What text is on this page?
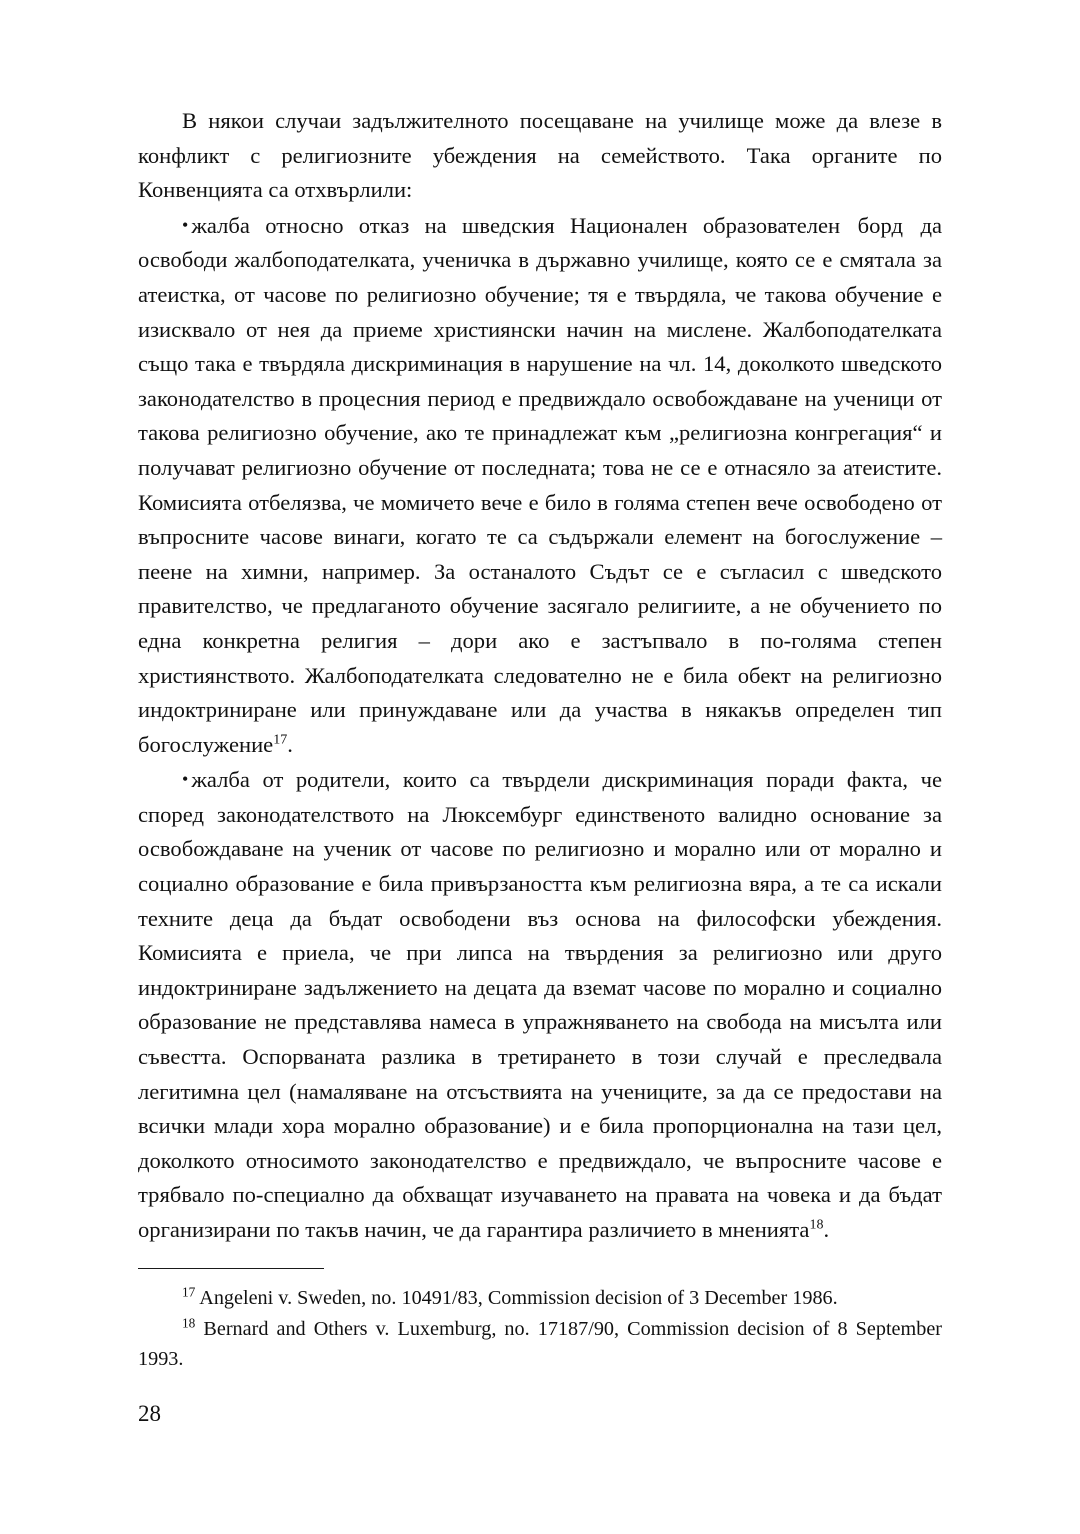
В някои случаи задължителното посещаване на училище може да влезе в конфликт с религиозните убеждения на семейството. Така органите по Конвенцията са отхвърлили:

• жалба относно отказ на шведския Национален образователен борд да освободи жалбоподателката, ученичка в държавно училище, която се е смятала за атеистка, от часове по религиозно обучение; тя е твърдяла, че такова обучение е изисквало от нея да приеме християнски начин на мислене. Жалбоподателката също така е твърдяла дискриминация в нарушение на чл. 14, доколкото шведското законодателство в процесния период е предвиждало освобождаване на ученици от такова религиозно обучение, ако те принадлежат към „религиозна конгрегация“ и получават религиозно обучение от последната; това не се е отнасяло за атеистите. Комисията отбелязва, че момичето вече е било в голяма степен вече освободено от въпросните часове винаги, когато те са съдържали елемент на богослужение – пеене на химни, например. За останалото Съдът се е съгласил с шведското правителство, че предлаганото обучение засягало религиите, а не обучението по една конкретна религия – дори ако е застъпвало в по-голяма степен християнството. Жалбоподателката следователно не е била обект на религиозно индоктриниране или принуждаване или да участва в някакъв определен тип богослужение$^{17}$.

• жалба от родители, които са твърдели дискриминация поради факта, че според законодателството на Люксембург единственото валидно основание за освобождаване на ученик от часове по религиозно и морално или от морално и социално образование е била привързаността към религиозна вяра, а те са искали техните деца да бъдат освободени въз основа на философски убеждения. Комисията е приела, че при липса на твърдения за религиозно или друго индоктриниране задължението на децата да вземат часове по морално и социално образование не представлява намеса в упражняването на свобода на мисълта или съвестта. Оспорваната разлика в третирането в този случай е преследвала легитимна цел (намаляване на отсъствията на учениците, за да се предостави на всички млади хора морално образование) и е била пропорционална на тази цел, доколкото относимото законодателство е предвиждало, че въпросните часове е трябвало по-специално да обхващат изучаването на правата на човека и да бъдат организирани по такъв начин, че да гарантира различието в мненията$^{18}$.

$^{17}$ Angeleni v. Sweden, no. 10491/83, Commission decision of 3 December 1986.

$^{18}$ Bernard and Others v. Luxemburg, no. 17187/90, Commission decision of 8 September 1993.

28
